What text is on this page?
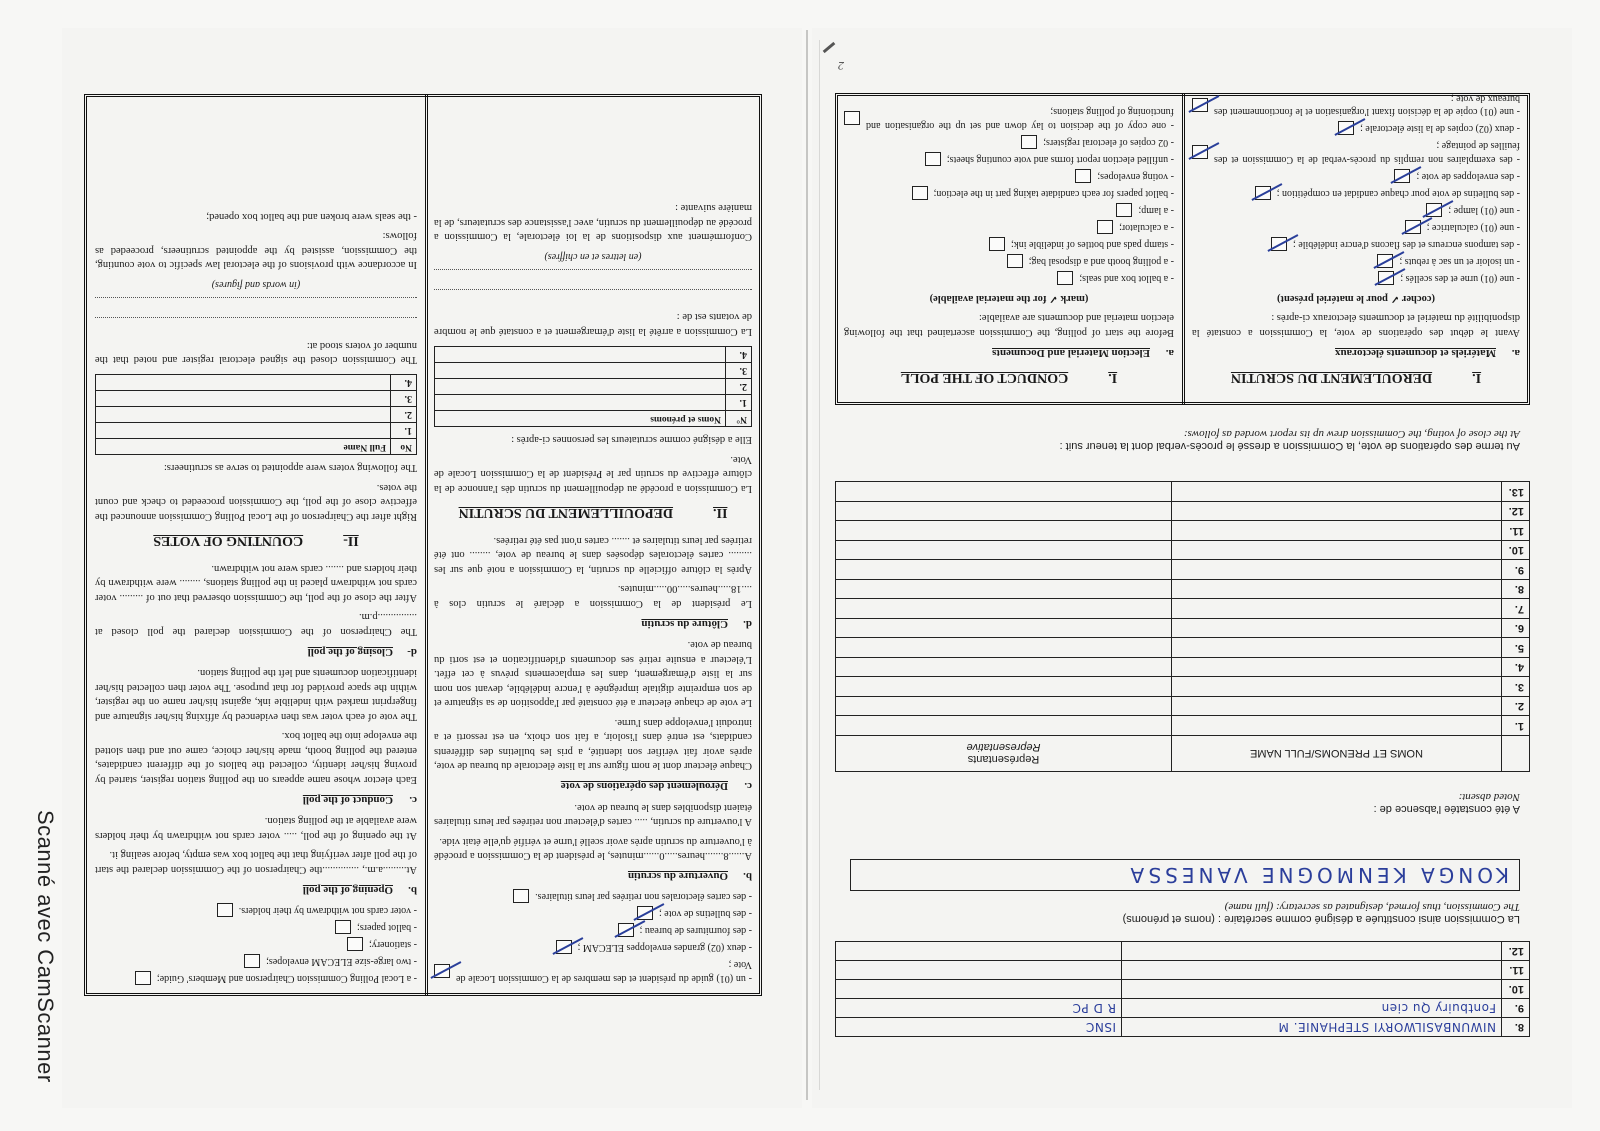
2
Scanné avec CamScanner	8.	NIWUNBASILWORYI STEPHANIE. M	ISNC
9.	Fontbuiry Qu cien	R D PC
10.		
11.		
12.		
La Commission ainsi constituée a désigné comme secrétaire : (noms et prénoms)
The Commission, thus formed, designated as secretary: (full name)
KONGA KENMOGNE VANESSA
A été constatée l'absence de :
Noted absent:
	NOMS ET PRENOMS/FULL NAME	Représentants
Representative

1.		
2.		
3.		
4.		
5.		
6.		
7.		
8.		
9.		
10.		
11.		
12.		
13.		
Au terme des opérations de vote, la Commission a dressé le procès-verbal dont la teneur suit :
At the close of voting, the Commission drew up its report worded as follows:
I.DEROULEMENT DU SCRUTIN
a.Matériels et documents électoraux

Avant le début des opérations de vote, la Commission a constaté la disponibilité du matériel et documents électoraux ci-après :

(cocher ✓ pour le matériel présent)

- une (01) urne et des scellés ;
- un isoloir et un sac à rebuts ;
- des tampons encreurs et des flacons d'encre indélébile ;
- une (01) calculatrice ;
- une (01) lampe ;
- des bulletins de vote pour chaque candidat en compétition ;
- des enveloppes de vote ;
- des exemplaires non remplis du procès-verbal de la Commission et des feuilles de pointage ;
- deux (02) copies de la liste électorale ;
- une (01) copie de la décision fixant l'organisation et le fonctionnement des bureaux de vote ;
I.CONDUCT OF THE POLL
a.Election Material and Documents

Before the start of polling, the Commission ascertained that the following election material and documents are available:

(mark ✓ for the material available)

- a ballot box and seals;
- a polling booth and a disposal bag;
- stamp pads and bottles of indelible ink;
- a calculator;
- a lamp;
- ballot papers for each candidate taking part in the election;
- voting envelopes;
- unfilled election report forms and vote counting sheets;
- 02 copies of electoral registers;
- one copy of the decision to lay down and set up the organisation and functioning of polling stations;
- un (01) guide du président et des membres de la Commission Locale de Vote ;
- deux (02) grandes enveloppes ELECAM ;
- des fournitures de bureau ;
- des bulletins de vote ;
- des cartes électorales non retirées par leurs titulaires.
b.Ouverture du scrutin

A......8.......heures.....0......minutes, le président de la Commission a procédé à l'ouverture du scrutin après avoir scellé l'urne et vérifié qu'elle était vide.

A l'ouverture du scrutin, ..... cartes d'électeur non retirées par leurs titulaires étaient disponibles dans le bureau de vote.

c.Déroulement des opérations de vote

Chaque électeur dont le nom figure sur la liste électorale du bureau de vote, après avoir fait vérifier son identité, a pris les bulletins des différents candidats, est entré dans l'isoloir, a fait son choix, en est ressorti et a introduit l'enveloppe dans l'urne.

Le vote de chaque électeur a été constaté par l'apposition de sa signature et de son empreinte digitale imprégnée à l'encre indélébile, devant son nom sur la liste d'émargement, dans les emplacements prévus à cet effet. L'électeur a ensuite retiré ses documents d'identification et est sorti du bureau de vote.

d.Clôture du scrutin

Le président de la Commission a déclaré le scrutin clos à ....18.....heures.....00.....minutes.

Après la clôture officielle du scrutin, la Commission a noté que sur les ......... cartes électorales déposées dans le bureau de vote, ........ ont été retirées par leurs titulaires et ....... cartes n'ont pas été retirées.

II.DEPOUILLEMENT DU SCRUTIN

La Commission a procédé au dépouillement du scrutin dès l'annonce de la clôture effective du scrutin par le Président de la Commission Locale de Vote.

Elle a désigné comme scrutateurs les personnes ci-après :

N°	Noms et prénoms
1.	
2.	
3.	
4.	

La Commission a arrêté la liste d'émargement et a constaté que le nombre de votants est de :

(en lettres et en chiffres)

Conformément aux dispositions de la loi électorale, la Commission a procédé au dépouillement du scrutin, avec l'assistance des scrutateurs, de la manière suivante :

- a Local Polling Commission Chairperson and Members' Guide;
- two large-size ELECAM envelopes;
- stationery;
- ballot papers;
- voter cards not withdrawn by their holders.
b.Opening of the poll

At.........a.m., ..............the Chairperson of the Commission declared the start of the poll after verifying that the ballot box was empty, before sealing it.

At the opening of the poll, ..... voter cards not withdrawn by their holders were available at the polling station.

c.Conduct of the poll

Each elector whose name appears on the polling station register, started by proving his/her identity, collected the ballots of the different candidates, entered the polling booth, made his/her choice, came out and then slotted the envelope into the ballot box.

The vote of each voter was then evidenced by affixing his/her signature and fingerprint marked with indelible ink, against his/her name on the register, within the space provided for that purpose. The voter then collected his/her identification documents and left the polling station.

d-Closing of the poll

The Chairperson of the Commission declared the poll closed at ...............p.m.

After the close of the poll, the Commission observed that out of ......... voter cards not withdrawn placed in the polling stations, ........ were withdrawn by their holders and ....... cards were not withdrawn.

II-COUNTING OF VOTES

Right after the Chairperson of the Local Polling Commission announced the effective close of the poll, the Commission proceeded to check and count the votes.

The following voters were appointed to serve as scrutineers:

No	Full Name
1.	
2.	
3.	
4.	

The Commission closed the signed electoral register and noted that the number of voters stood at:

(in words and figures)

In accordance with provisions of the electoral law specific to vote counting, the Commission, assisted by the appointed scrutineers, proceeded as follows:

- the seals were broken and the ballot box opened;
